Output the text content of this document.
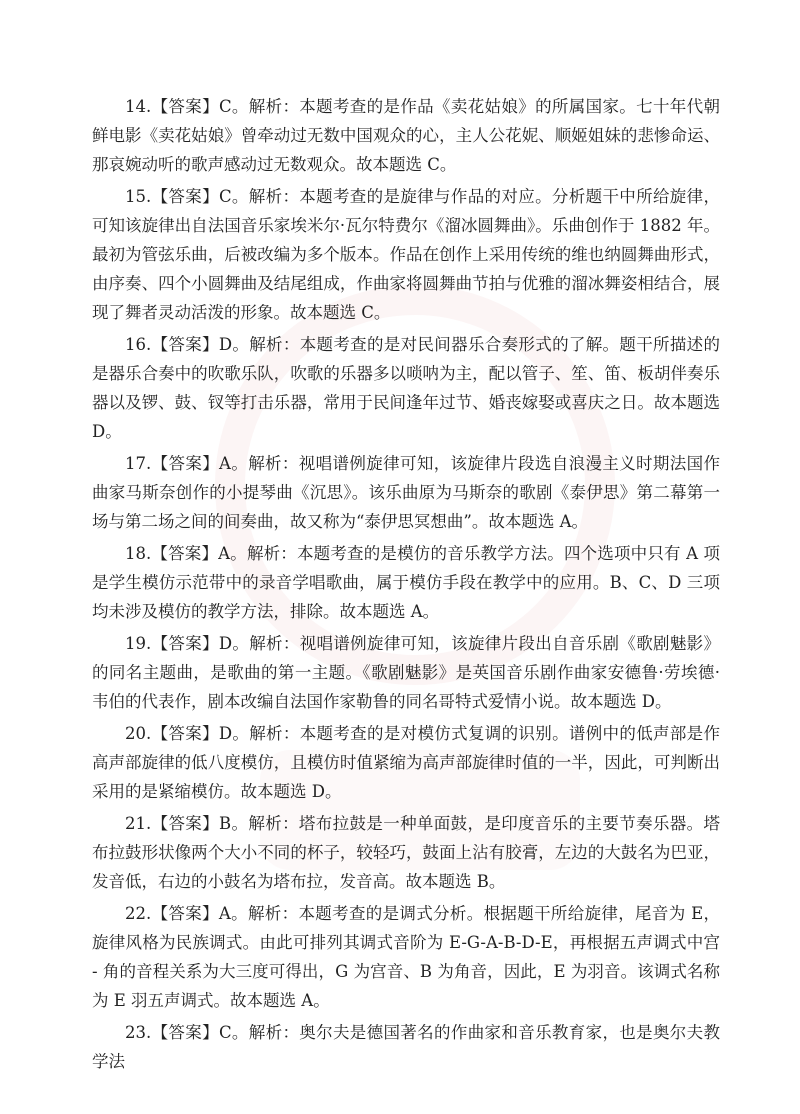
14.【答案】C。解析：本题考查的是作品《卖花姑娘》的所属国家。七十年代朝鲜电影《卖花姑娘》曾牵动过无数中国观众的心，主人公花妮、顺姬姐妹的悲惨命运、那哀婉动听的歌声感动过无数观众。故本题选 C。

15.【答案】C。解析：本题考查的是旋律与作品的对应。分析题干中所给旋律，可知该旋律出自法国音乐家埃米尔·瓦尔特费尔《溜冰圆舞曲》。乐曲创作于 1882 年。最初为管弦乐曲，后被改编为多个版本。作品在创作上采用传统的维也纳圆舞曲形式，由序奏、四个小圆舞曲及结尾组成，作曲家将圆舞曲节拍与优雅的溜冰舞姿相结合，展现了舞者灵动活泼的形象。故本题选 C。

16.【答案】D。解析：本题考查的是对民间器乐合奏形式的了解。题干所描述的是器乐合奏中的吹歌乐队，吹歌的乐器多以唢呐为主，配以管子、笙、笛、板胡伴奏乐器以及锣、鼓、钗等打击乐器，常用于民间逢年过节、婚丧嫁娶或喜庆之日。故本题选 D。

17.【答案】A。解析：视唱谱例旋律可知，该旋律片段选自浪漫主义时期法国作曲家马斯奈创作的小提琴曲《沉思》。该乐曲原为马斯奈的歌剧《泰伊思》第二幕第一场与第二场之间的间奏曲，故又称为“泰伊思冥想曲”。故本题选 A。

18.【答案】A。解析：本题考查的是模仿的音乐教学方法。四个选项中只有 A 项是学生模仿示范带中的录音学唱歌曲，属于模仿手段在教学中的应用。B、C、D 三项均未涉及模仿的教学方法，排除。故本题选 A。

19.【答案】D。解析：视唱谱例旋律可知，该旋律片段出自音乐剧《歌剧魅影》的同名主题曲，是歌曲的第一主题。《歌剧魅影》是英国音乐剧作曲家安德鲁·劳埃德·韦伯的代表作，剧本改编自法国作家勒鲁的同名哥特式爱情小说。故本题选 D。

20.【答案】D。解析：本题考查的是对模仿式复调的识别。谱例中的低声部是作高声部旋律的低八度模仿，且模仿时值紧缩为高声部旋律时值的一半，因此，可判断出采用的是紧缩模仿。故本题选 D。

21.【答案】B。解析：塔布拉鼓是一种单面鼓，是印度音乐的主要节奏乐器。塔布拉鼓形状像两个大小不同的杯子，较轻巧，鼓面上沾有胶膏，左边的大鼓名为巴亚，发音低，右边的小鼓名为塔布拉，发音高。故本题选 B。

22.【答案】A。解析：本题考查的是调式分析。根据题干所给旋律，尾音为 E，旋律风格为民族调式。由此可排列其调式音阶为 E-G-A-B-D-E，再根据五声调式中宫 - 角的音程关系为大三度可得出，G 为宫音、B 为角音，因此，E 为羽音。该调式名称为 E 羽五声调式。故本题选 A。

23.【答案】C。解析：奥尔夫是德国著名的作曲家和音乐教育家，也是奥尔夫教学法
